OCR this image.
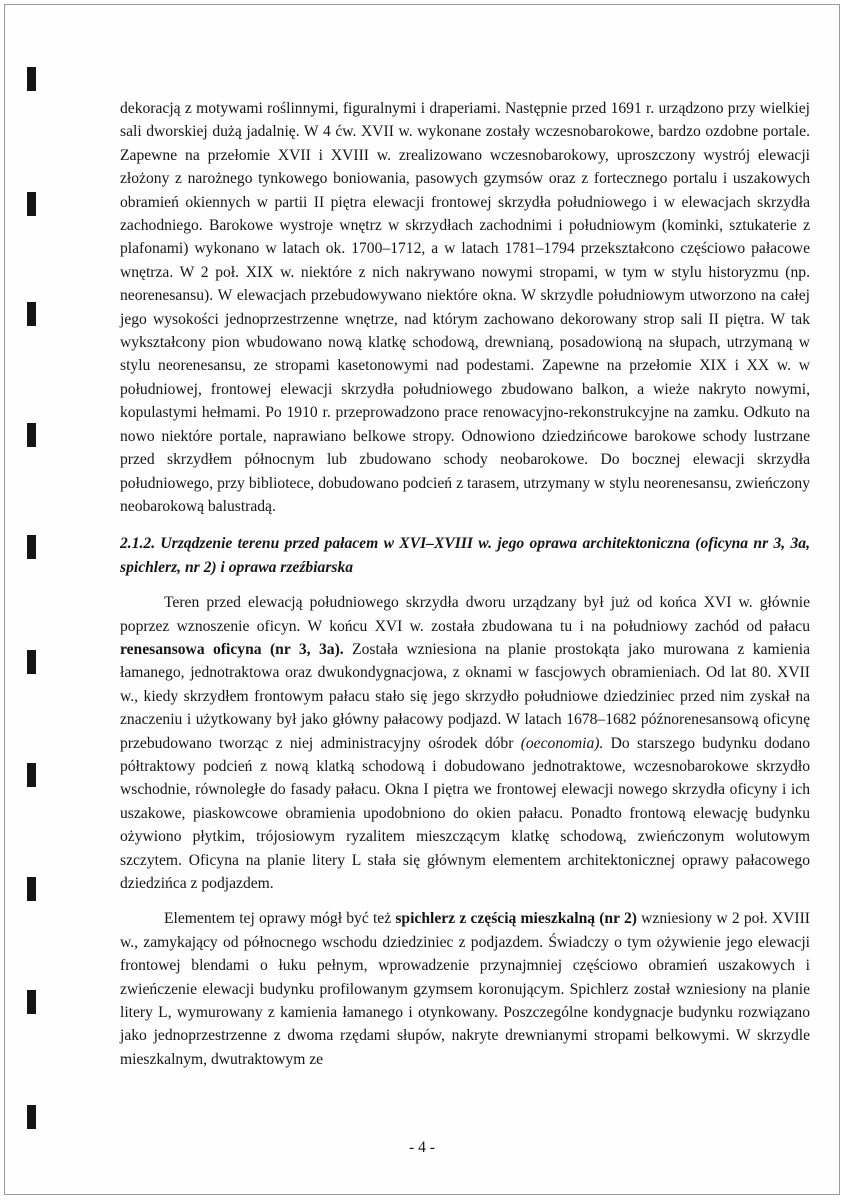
dekoracją z motywami roślinnymi, figuralnymi i draperiami. Następnie przed 1691 r. urządzono przy wielkiej sali dworskiej dużą jadalnię. W 4 ćw. XVII w. wykonane zostały wczesnobarokowe, bardzo ozdobne portale. Zapewne na przełomie XVII i XVIII w. zrealizowano wczesnobarokowy, uproszczony wystrój elewacji złożony z narożnego tynkowego boniowania, pasowych gzymsów oraz z fortecznego portalu i uszakowych obramień okiennych w partii II piętra elewacji frontowej skrzydła południowego i w elewacjach skrzydła zachodniego. Barokowe wystroje wnętrz w skrzydłach zachodnimi i południowym (kominki, sztukaterie z plafonami) wykonano w latach ok. 1700–1712, a w latach 1781–1794 przekształcono częściowo pałacowe wnętrza. W 2 poł. XIX w. niektóre z nich nakrywano nowymi stropami, w tym w stylu historyzmu (np. neorenesansu). W elewacjach przebudowywano niektóre okna. W skrzydle południowym utworzono na całej jego wysokości jednoprzestrzenne wnętrze, nad którym zachowano dekorowany strop sali II piętra. W tak wykształcony pion wbudowano nową klatkę schodową, drewnianą, posadowioną na słupach, utrzymaną w stylu neorenesansu, ze stropami kasetonowymi nad podestami. Zapewne na przełomie XIX i XX w. w południowej, frontowej elewacji skrzydła południowego zbudowano balkon, a wieże nakryto nowymi, kopulastymi hełmami. Po 1910 r. przeprowadzono prace renowacyjno-rekonstrukcyjne na zamku. Odkuto na nowo niektóre portale, naprawiano belkowe stropy. Odnowiono dziedzińcowe barokowe schody lustrzane przed skrzydłem północnym lub zbudowano schody neobarokowe. Do bocznej elewacji skrzydła południowego, przy bibliotece, dobudowano podcień z tarasem, utrzymany w stylu neorenesansu, zwieńczony neobarokową balustradą.

2.1.2. Urządzenie terenu przed pałacem w XVI–XVIII w. jego oprawa architektoniczna (oficyna nr 3, 3a, spichlerz, nr 2) i oprawa rzeźbiarska

Teren przed elewacją południowego skrzydła dworu urządzany był już od końca XVI w. głównie poprzez wznoszenie oficyn. W końcu XVI w. została zbudowana tu i na południowy zachód od pałacu renesansowa oficyna (nr 3, 3a). Została wzniesiona na planie prostokąta jako murowana z kamienia łamanego, jednotraktowa oraz dwukondygnacjowa, z oknami w fascjowych obramieniach. Od lat 80. XVII w., kiedy skrzydłem frontowym pałacu stało się jego skrzydło południowe dziedziniec przed nim zyskał na znaczeniu i użytkowany był jako główny pałacowy podjazd. W latach 1678–1682 późnorenesansową oficynę przebudowano tworząc z niej administracyjny ośrodek dóbr (oeconomia). Do starszego budynku dodano półtraktowy podcień z nową klatką schodową i dobudowano jednotraktowe, wczesnobarokowe skrzydło wschodnie, równoległe do fasady pałacu. Okna I piętra we frontowej elewacji nowego skrzydła oficyny i ich uszakowe, piaskowcowe obramienia upodobniono do okien pałacu. Ponadto frontową elewację budynku ożywiono płytkim, trójosiowym ryzalitem mieszczącym klatkę schodową, zwieńczonym wolutowym szczytem. Oficyna na planie litery L stała się głównym elementem architektonicznej oprawy pałacowego dziedzińca z podjazdem.

Elementem tej oprawy mógł być też spichlerz z częścią mieszkalną (nr 2) wzniesiony w 2 poł. XVIII w., zamykający od północnego wschodu dziedziniec z podjazdem. Świadczy o tym ożywienie jego elewacji frontowej blendami o łuku pełnym, wprowadzenie przynajmniej częściowo obramień uszakowych i zwieńczenie elewacji budynku profilowanym gzymsem koronującym. Spichlerz został wzniesiony na planie litery L, wymurowany z kamienia łamanego i otynkowany. Poszczególne kondygnacje budynku rozwiązano jako jednoprzestrzenne z dwoma rzędami słupów, nakryte drewnianymi stropami belkowymi. W skrzydle mieszkalnym, dwutraktowym ze

- 4 -
